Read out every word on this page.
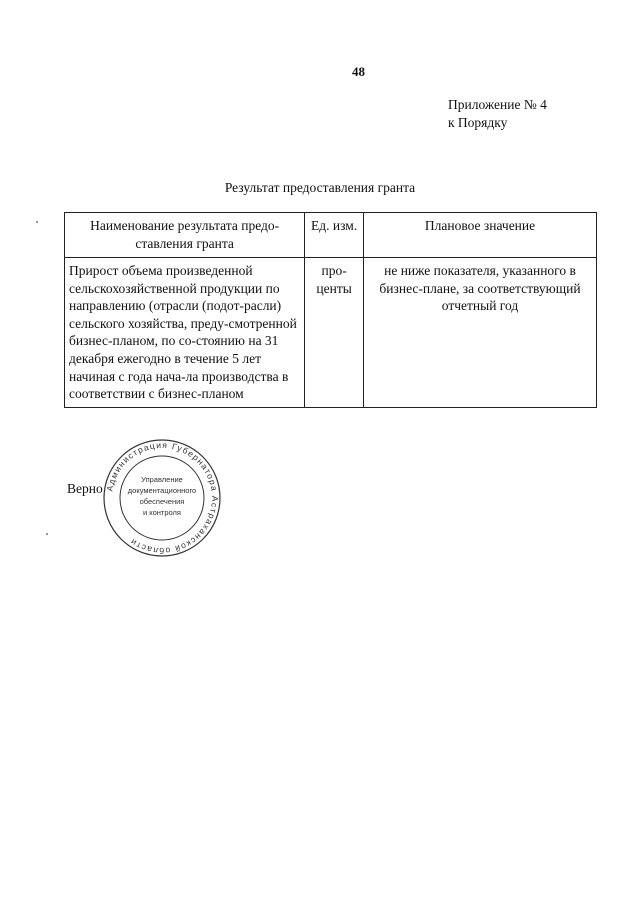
48
Приложение № 4
к Порядку
Результат предоставления гранта
Наименование результата предо-ставления гранта	Ед. изм.	Плановое значение
Прирост объема произведенной сельскохозяйственной продукции по направлению (отрасли (подот-расли) сельского хозяйства, преду-смотренной бизнес-планом, по со-стоянию на 31 декабря ежегодно в течение 5 лет начиная с года нача-ла производства в соответствии с бизнес-планом	про-центы	не ниже показателя, указанного в бизнес-плане, за соответствующий отчетный год
Верно Администрация Губернатора Астраханской области
Управление
документационного
обеспечения
и контроля
